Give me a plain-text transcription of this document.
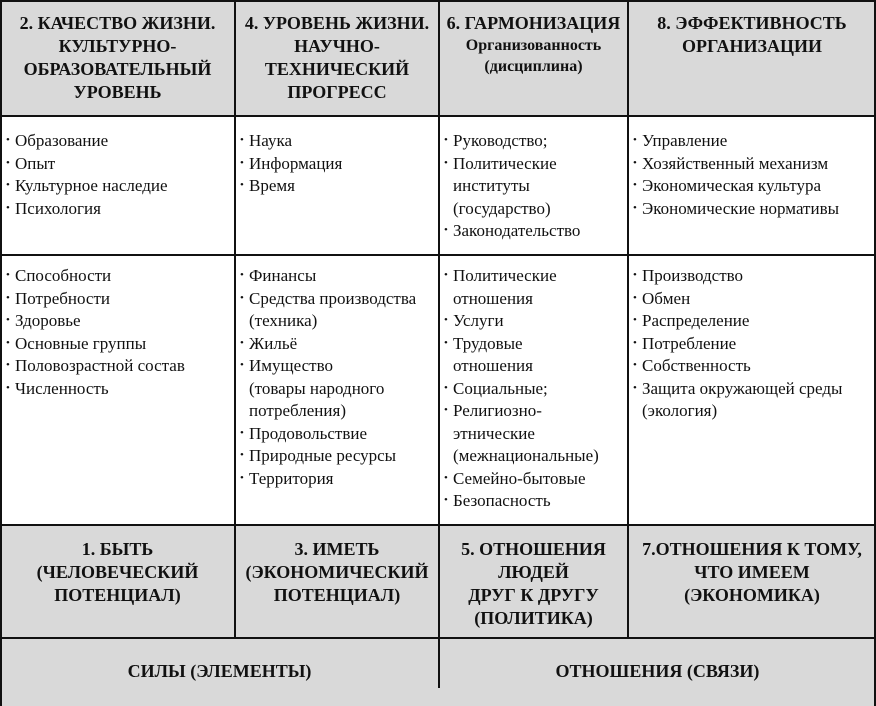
2. КАЧЕСТВО ЖИЗНИ.
КУЛЬТУРНО-
ОБРАЗОВАТЕЛЬНЫЙ
УРОВЕНЬ
4. УРОВЕНЬ ЖИЗНИ.
НАУЧНО-
ТЕХНИЧЕСКИЙ
ПРОГРЕСС
6. ГАРМОНИЗАЦИЯ
Организованность
(дисциплина)
8. ЭФФЕКТИВНОСТЬ
ОРГАНИЗАЦИИ
• Образование
• Опыт
• Культурное наследие
• Психология
• Наука
• Информация
• Время
• Руководство;
• Политические
институты
(государство)
• Законодательство
• Управление
• Хозяйственный механизм
• Экономическая культура
• Экономические нормативы
• Способности
• Потребности
• Здоровье
• Основные группы
• Половозрастной состав
• Численность
• Финансы
• Средства производства
(техника)
• Жильё
• Имущество
(товары народного
потребления)
• Продовольствие
• Природные ресурсы
• Территория
• Политические
отношения
• Услуги
• Трудовые
отношения
• Социальные;
• Религиозно-
этнические
(межнациональные)
• Семейно-бытовые
• Безопасность
• Производство
• Обмен
• Распределение
• Потребление
• Собственность
• Защита окружающей среды
(экология)
1. БЫТЬ
(ЧЕЛОВЕЧЕСКИЙ
ПОТЕНЦИАЛ)
3. ИМЕТЬ
(ЭКОНОМИЧЕСКИЙ
ПОТЕНЦИАЛ)
5. ОТНОШЕНИЯ
ЛЮДЕЙ
ДРУГ К ДРУГУ
(ПОЛИТИКА)
7.ОТНОШЕНИЯ К ТОМУ,
ЧТО ИМЕЕМ
(ЭКОНОМИКА)
СИЛЫ (ЭЛЕМЕНТЫ)	ОТНОШЕНИЯ (СВЯЗИ)
